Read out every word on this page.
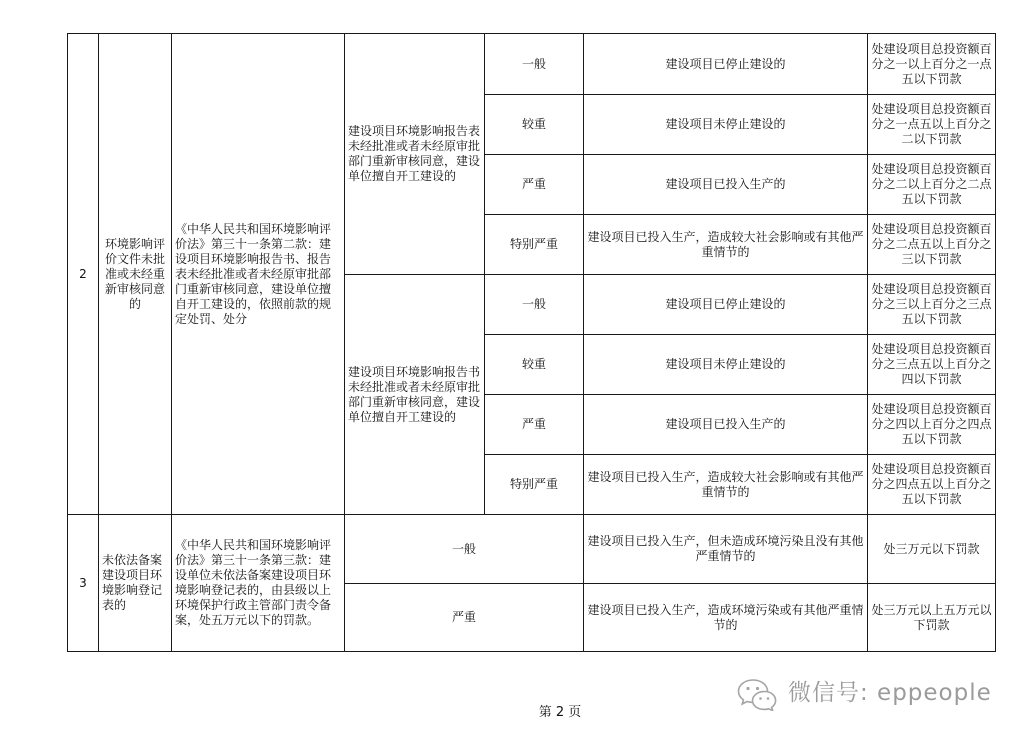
2	环境影响评价文件未批准或未经重新审核同意的	《中华人民共和国环境影响评价法》第三十一条第二款：建设项目环境影响报告书、报告表未经批准或者未经原审批部门重新审核同意，建设单位擅自开工建设的，依照前款的规定处罚、处分	建设项目环境影响报告表未经批准或者未经原审批部门重新审核同意，建设单位擅自开工建设的	一般	建设项目已停止建设的	处建设项目总投资额百分之一以上百分之一点五以下罚款
				较重	建设项目未停止建设的	处建设项目总投资额百分之一点五以上百分之二以下罚款
				严重	建设项目已投入生产的	处建设项目总投资额百分之二以上百分之二点五以下罚款
				特别严重	建设项目已投入生产，造成较大社会影响或有其他严重情节的	处建设项目总投资额百分之二点五以上百分之三以下罚款
			建设项目环境影响报告书未经批准或者未经原审批部门重新审核同意，建设单位擅自开工建设的	一般	建设项目已停止建设的	处建设项目总投资额百分之三以上百分之三点五以下罚款
				较重	建设项目未停止建设的	处建设项目总投资额百分之三点五以上百分之四以下罚款
				严重	建设项目已投入生产的	处建设项目总投资额百分之四以上百分之四点五以下罚款
				特别严重	建设项目已投入生产，造成较大社会影响或有其他严重情节的	处建设项目总投资额百分之四点五以上百分之五以下罚款
3	未依法备案建设项目环境影响登记表的	《中华人民共和国环境影响评价法》第三十一条第三款：建设单位未依法备案建设项目环境影响登记表的，由县级以上环境保护行政主管部门责令备案，处五万元以下的罚款。	一般		建设项目已投入生产，但未造成环境污染且没有其他严重情节的	处三万元以下罚款
			严重		建设项目已投入生产，造成环境污染或有其他严重情节的	处三万元以上五万元以下罚款
微信号: eppeople
第 2 页
